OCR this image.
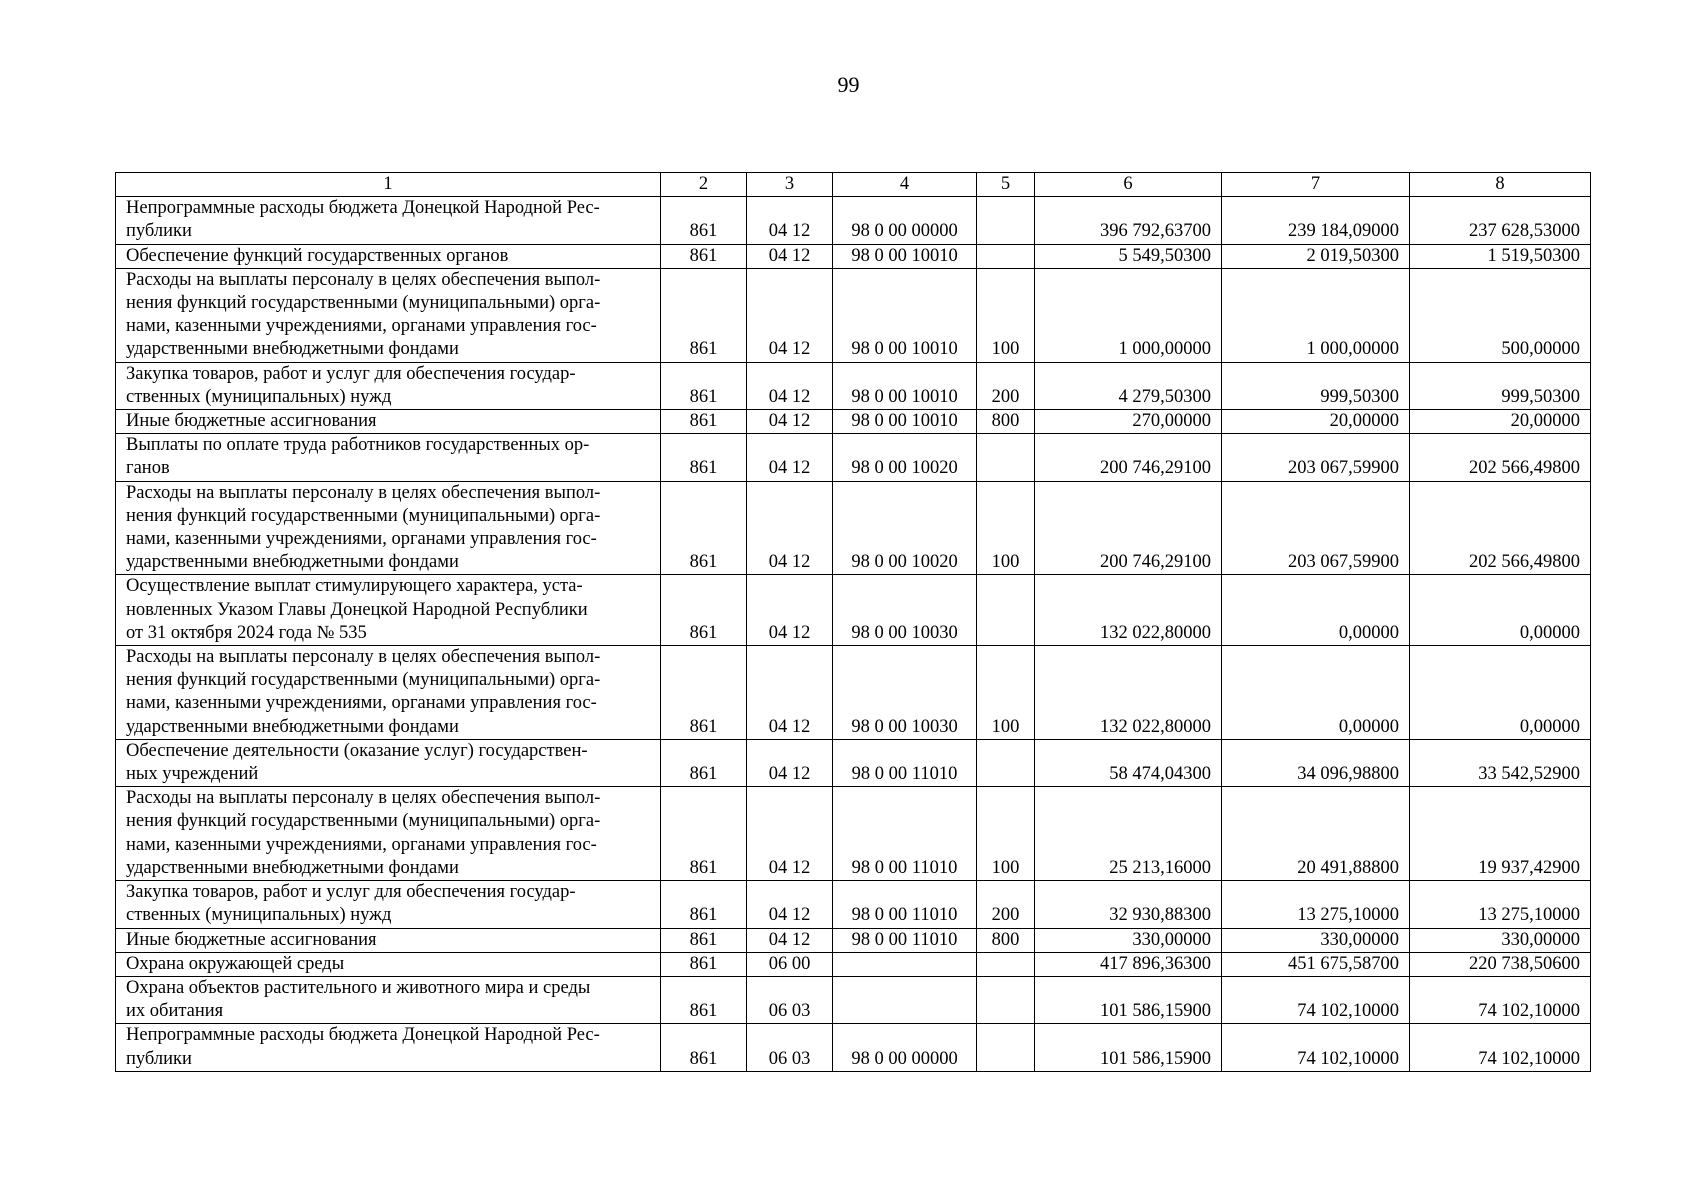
99
1	2	3	4	5	6	7	8

Непрограммные расходы бюджета Донецкой Народной Рес-
публики	861	04 12	98 0 00 00000		396 792,63700	239 184,09000	237 628,53000

Обеспечение функций государственных органов	861	04 12	98 0 00 10010		5 549,50300	2 019,50300	1 519,50300

Расходы на выплаты персоналу в целях обеспечения выпол-
нения функций государственными (муниципальными) орга-
нами, казенными учреждениями, органами управления гос-
ударственными внебюджетными фондами	861	04 12	98 0 00 10010	100	1 000,00000	1 000,00000	500,00000

Закупка товаров, работ и услуг для обеспечения государ-
ственных (муниципальных) нужд	861	04 12	98 0 00 10010	200	4 279,50300	999,50300	999,50300

Иные бюджетные ассигнования	861	04 12	98 0 00 10010	800	270,00000	20,00000	20,00000

Выплаты по оплате труда работников государственных ор-
ганов	861	04 12	98 0 00 10020		200 746,29100	203 067,59900	202 566,49800

Расходы на выплаты персоналу в целях обеспечения выпол-
нения функций государственными (муниципальными) орга-
нами, казенными учреждениями, органами управления гос-
ударственными внебюджетными фондами	861	04 12	98 0 00 10020	100	200 746,29100	203 067,59900	202 566,49800

Осуществление выплат стимулирующего характера, уста-
новленных Указом Главы Донецкой Народной Республики
от 31 октября 2024 года № 535	861	04 12	98 0 00 10030		132 022,80000	0,00000	0,00000

Расходы на выплаты персоналу в целях обеспечения выпол-
нения функций государственными (муниципальными) орга-
нами, казенными учреждениями, органами управления гос-
ударственными внебюджетными фондами	861	04 12	98 0 00 10030	100	132 022,80000	0,00000	0,00000

Обеспечение деятельности (оказание услуг) государствен-
ных учреждений	861	04 12	98 0 00 11010		58 474,04300	34 096,98800	33 542,52900

Расходы на выплаты персоналу в целях обеспечения выпол-
нения функций государственными (муниципальными) орга-
нами, казенными учреждениями, органами управления гос-
ударственными внебюджетными фондами	861	04 12	98 0 00 11010	100	25 213,16000	20 491,88800	19 937,42900

Закупка товаров, работ и услуг для обеспечения государ-
ственных (муниципальных) нужд	861	04 12	98 0 00 11010	200	32 930,88300	13 275,10000	13 275,10000

Иные бюджетные ассигнования	861	04 12	98 0 00 11010	800	330,00000	330,00000	330,00000

Охрана окружающей среды	861	06 00			417 896,36300	451 675,58700	220 738,50600

Охрана объектов растительного и животного мира и среды
их обитания	861	06 03			101 586,15900	74 102,10000	74 102,10000

Непрограммные расходы бюджета Донецкой Народной Рес-
публики	861	06 03	98 0 00 00000		101 586,15900	74 102,10000	74 102,10000
